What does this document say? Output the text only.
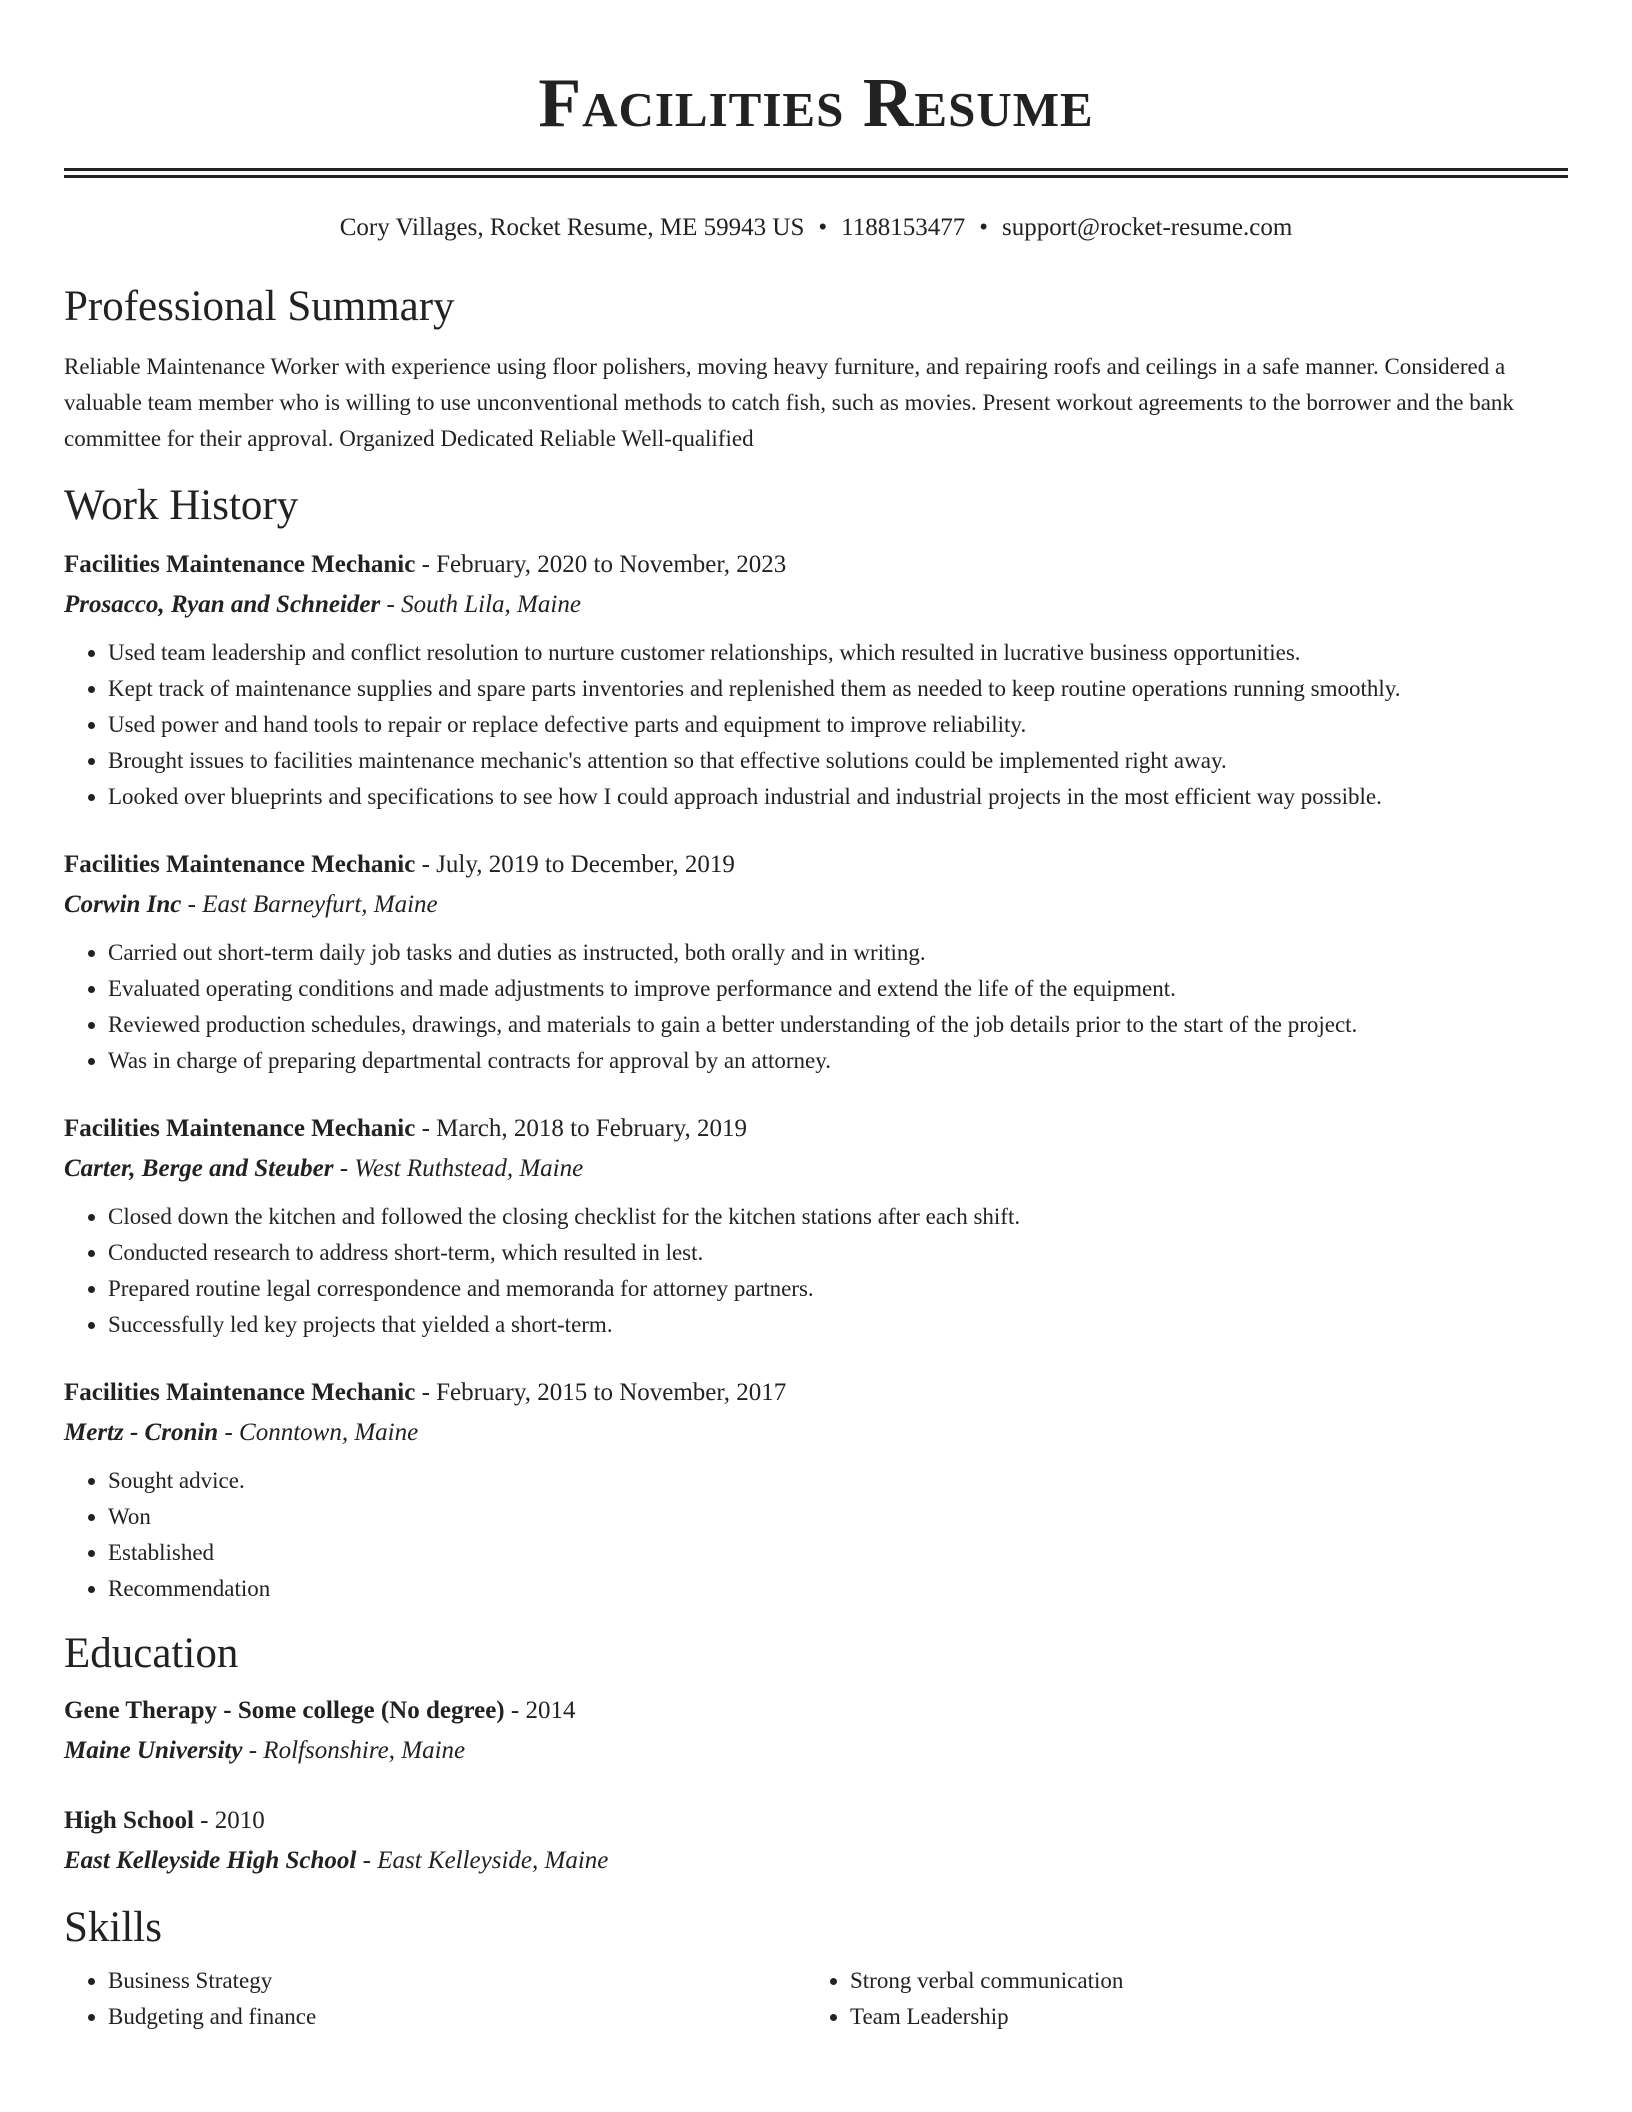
Facilities Resume
Cory Villages, Rocket Resume, ME 59943 US • 1188153477 • support@rocket-resume.com
Professional Summary

Reliable Maintenance Worker with experience using floor polishers, moving heavy furniture, and repairing roofs and ceilings in a safe manner. Considered a valuable team member who is willing to use unconventional methods to catch fish, such as movies. Present workout agreements to the borrower and the bank committee for their approval. Organized Dedicated Reliable Well-qualified

Work History

Facilities Maintenance Mechanic - February, 2020 to November, 2023

Prosacco, Ryan and Schneider - South Lila, Maine

• Used team leadership and conflict resolution to nurture customer relationships, which resulted in lucrative business opportunities.
• Kept track of maintenance supplies and spare parts inventories and replenished them as needed to keep routine operations running smoothly.
• Used power and hand tools to repair or replace defective parts and equipment to improve reliability.
• Brought issues to facilities maintenance mechanic's attention so that effective solutions could be implemented right away.
• Looked over blueprints and specifications to see how I could approach industrial and industrial projects in the most efficient way possible.

Facilities Maintenance Mechanic - July, 2019 to December, 2019

Corwin Inc - East Barneyfurt, Maine

• Carried out short-term daily job tasks and duties as instructed, both orally and in writing.
• Evaluated operating conditions and made adjustments to improve performance and extend the life of the equipment.
• Reviewed production schedules, drawings, and materials to gain a better understanding of the job details prior to the start of the project.
• Was in charge of preparing departmental contracts for approval by an attorney.

Facilities Maintenance Mechanic - March, 2018 to February, 2019

Carter, Berge and Steuber - West Ruthstead, Maine

• Closed down the kitchen and followed the closing checklist for the kitchen stations after each shift.
• Conducted research to address short-term, which resulted in lest.
• Prepared routine legal correspondence and memoranda for attorney partners.
• Successfully led key projects that yielded a short-term.

Facilities Maintenance Mechanic - February, 2015 to November, 2017

Mertz - Cronin - Conntown, Maine

• Sought advice.
• Won
• Established
• Recommendation
Education

Gene Therapy - Some college (No degree) - 2014

Maine University - Rolfsonshire, Maine

High School - 2010

East Kelleyside High School - East Kelleyside, Maine

Skills
• Business Strategy
• Budgeting and finance
• Strong verbal communication
• Team Leadership
